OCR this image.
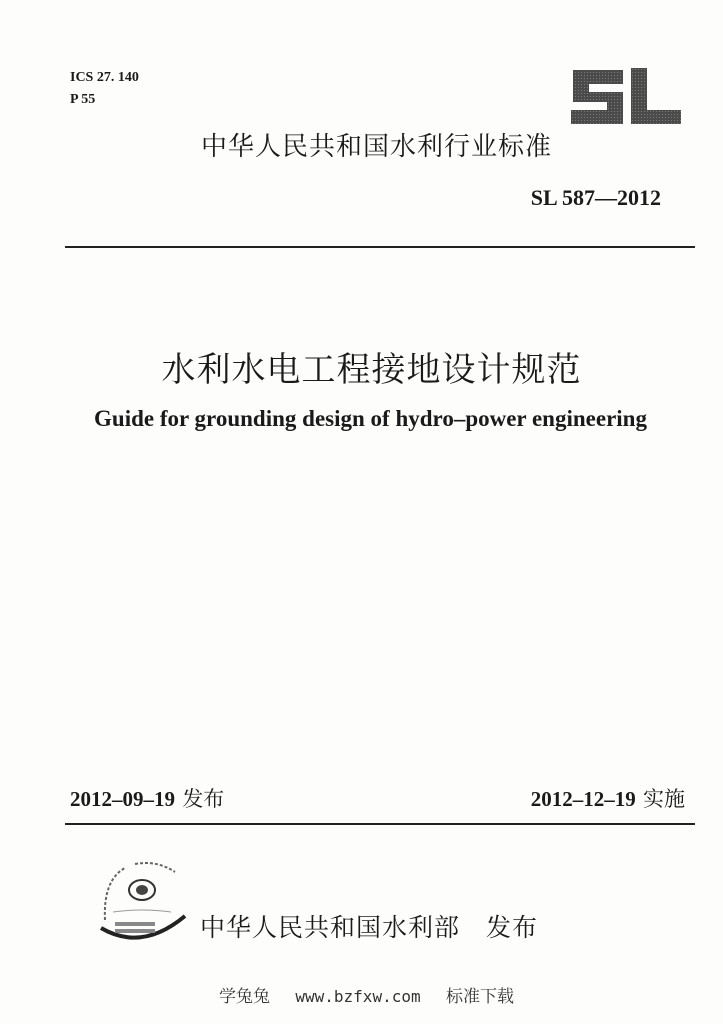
ICS 27. 140
P 55
中华人民共和国水利行业标准
SL 587—2012
水利水电工程接地设计规范
Guide for grounding design of hydro–power engineering
2012–09–19 发布	2012–12–19 实施
中华人民共和国水利部 发布
学兔兔 www.bzfxw.com 标准下载
